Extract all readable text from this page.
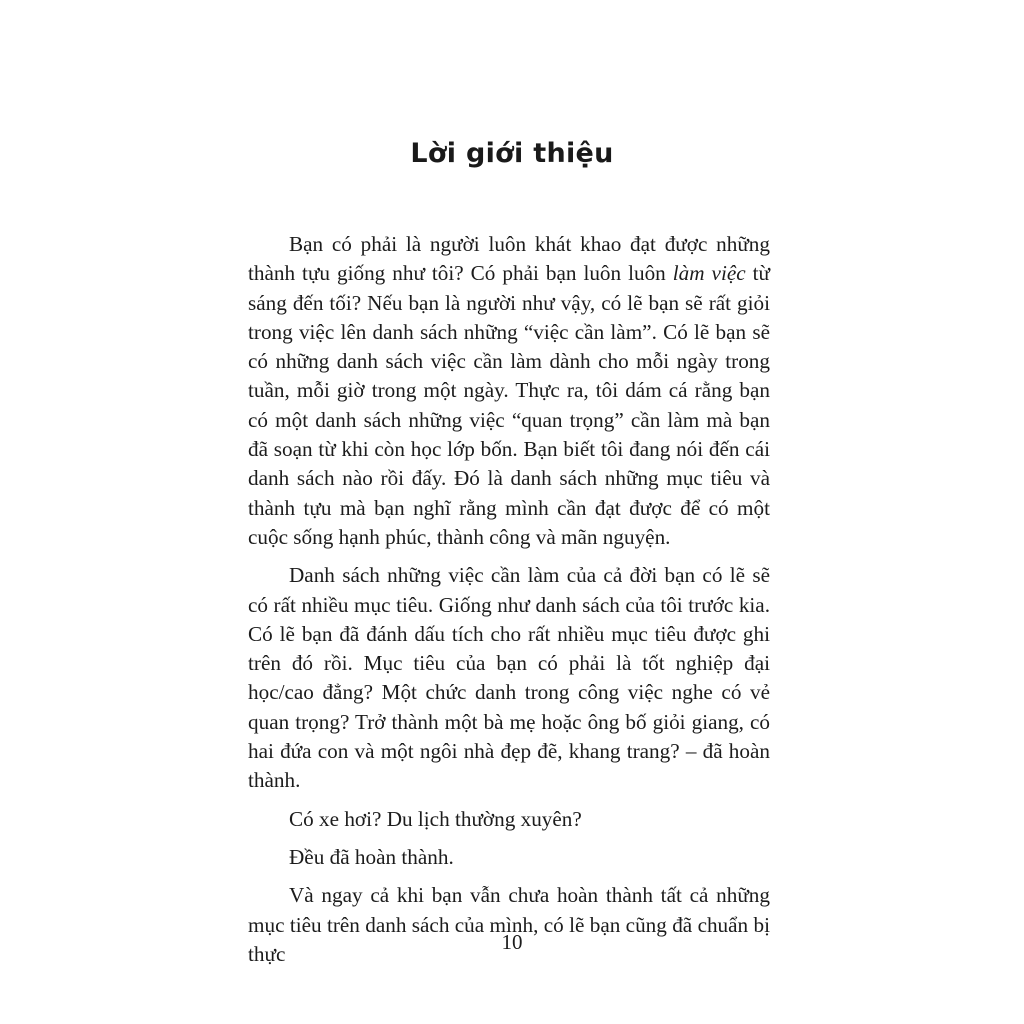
Lời giới thiệu

Bạn có phải là người luôn khát khao đạt được những thành tựu giống như tôi? Có phải bạn luôn luôn làm việc từ sáng đến tối? Nếu bạn là người như vậy, có lẽ bạn sẽ rất giỏi trong việc lên danh sách những “việc cần làm”. Có lẽ bạn sẽ có những danh sách việc cần làm dành cho mỗi ngày trong tuần, mỗi giờ trong một ngày. Thực ra, tôi dám cá rằng bạn có một danh sách những việc “quan trọng” cần làm mà bạn đã soạn từ khi còn học lớp bốn. Bạn biết tôi đang nói đến cái danh sách nào rồi đấy. Đó là danh sách những mục tiêu và thành tựu mà bạn nghĩ rằng mình cần đạt được để có một cuộc sống hạnh phúc, thành công và mãn nguyện.

Danh sách những việc cần làm của cả đời bạn có lẽ sẽ có rất nhiều mục tiêu. Giống như danh sách của tôi trước kia. Có lẽ bạn đã đánh dấu tích cho rất nhiều mục tiêu được ghi trên đó rồi. Mục tiêu của bạn có phải là tốt nghiệp đại học/cao đẳng? Một chức danh trong công việc nghe có vẻ quan trọng? Trở thành một bà mẹ hoặc ông bố giỏi giang, có hai đứa con và một ngôi nhà đẹp đẽ, khang trang? – đã hoàn thành.

Có xe hơi? Du lịch thường xuyên?

Đều đã hoàn thành.

Và ngay cả khi bạn vẫn chưa hoàn thành tất cả những mục tiêu trên danh sách của mình, có lẽ bạn cũng đã chuẩn bị thực	10
